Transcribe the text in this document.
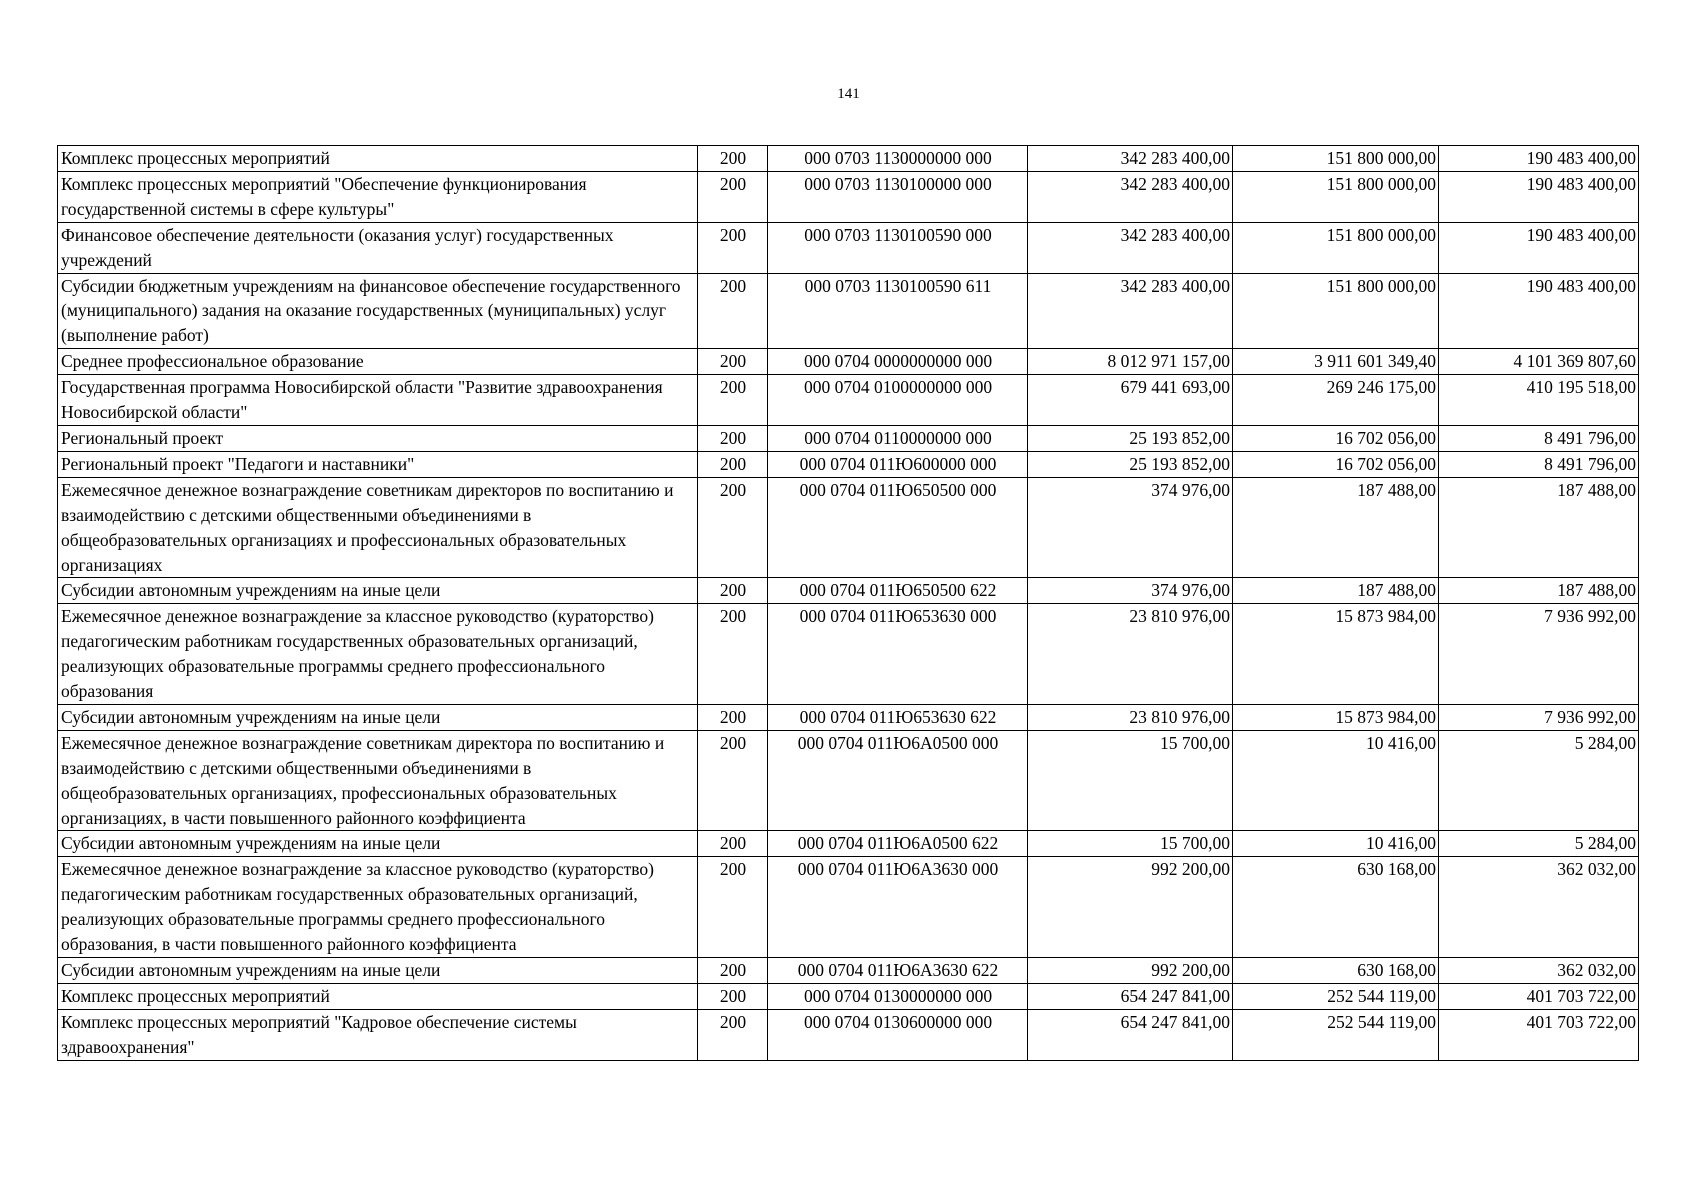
141
Комплекс процессных мероприятий	200	000 0703 1130000000 000	342 283 400,00	151 800 000,00	190 483 400,00
Комплекс процессных мероприятий "Обеспечение функционирования государственной системы в сфере культуры"	200	000 0703 1130100000 000	342 283 400,00	151 800 000,00	190 483 400,00
Финансовое обеспечение деятельности (оказания услуг) государственных учреждений	200	000 0703 1130100590 000	342 283 400,00	151 800 000,00	190 483 400,00
Субсидии бюджетным учреждениям на финансовое обеспечение государственного (муниципального) задания на оказание государственных (муниципальных) услуг (выполнение работ)	200	000 0703 1130100590 611	342 283 400,00	151 800 000,00	190 483 400,00
Среднее профессиональное образование	200	000 0704 0000000000 000	8 012 971 157,00	3 911 601 349,40	4 101 369 807,60
Государственная программа Новосибирской области "Развитие здравоохранения Новосибирской области"	200	000 0704 0100000000 000	679 441 693,00	269 246 175,00	410 195 518,00
Региональный проект	200	000 0704 0110000000 000	25 193 852,00	16 702 056,00	8 491 796,00
Региональный проект "Педагоги и наставники"	200	000 0704 011Ю600000 000	25 193 852,00	16 702 056,00	8 491 796,00
Ежемесячное денежное вознаграждение советникам директоров по воспитанию и взаимодействию с детскими общественными объединениями в общеобразовательных организациях и профессиональных образовательных организациях	200	000 0704 011Ю650500 000	374 976,00	187 488,00	187 488,00
Субсидии автономным учреждениям на иные цели	200	000 0704 011Ю650500 622	374 976,00	187 488,00	187 488,00
Ежемесячное денежное вознаграждение за классное руководство (кураторство) педагогическим работникам государственных образовательных организаций, реализующих образовательные программы среднего профессионального образования	200	000 0704 011Ю653630 000	23 810 976,00	15 873 984,00	7 936 992,00
Субсидии автономным учреждениям на иные цели	200	000 0704 011Ю653630 622	23 810 976,00	15 873 984,00	7 936 992,00
Ежемесячное денежное вознаграждение советникам директора по воспитанию и взаимодействию с детскими общественными объединениями в общеобразовательных организациях, профессиональных образовательных организациях, в части повышенного районного коэффициента	200	000 0704 011Ю6А0500 000	15 700,00	10 416,00	5 284,00
Субсидии автономным учреждениям на иные цели	200	000 0704 011Ю6А0500 622	15 700,00	10 416,00	5 284,00
Ежемесячное денежное вознаграждение за классное руководство (кураторство) педагогическим работникам государственных образовательных организаций, реализующих образовательные программы среднего профессионального образования, в части повышенного районного коэффициента	200	000 0704 011Ю6А3630 000	992 200,00	630 168,00	362 032,00
Субсидии автономным учреждениям на иные цели	200	000 0704 011Ю6А3630 622	992 200,00	630 168,00	362 032,00
Комплекс процессных мероприятий	200	000 0704 0130000000 000	654 247 841,00	252 544 119,00	401 703 722,00
Комплекс процессных мероприятий "Кадровое обеспечение системы здравоохранения"	200	000 0704 0130600000 000	654 247 841,00	252 544 119,00	401 703 722,00
